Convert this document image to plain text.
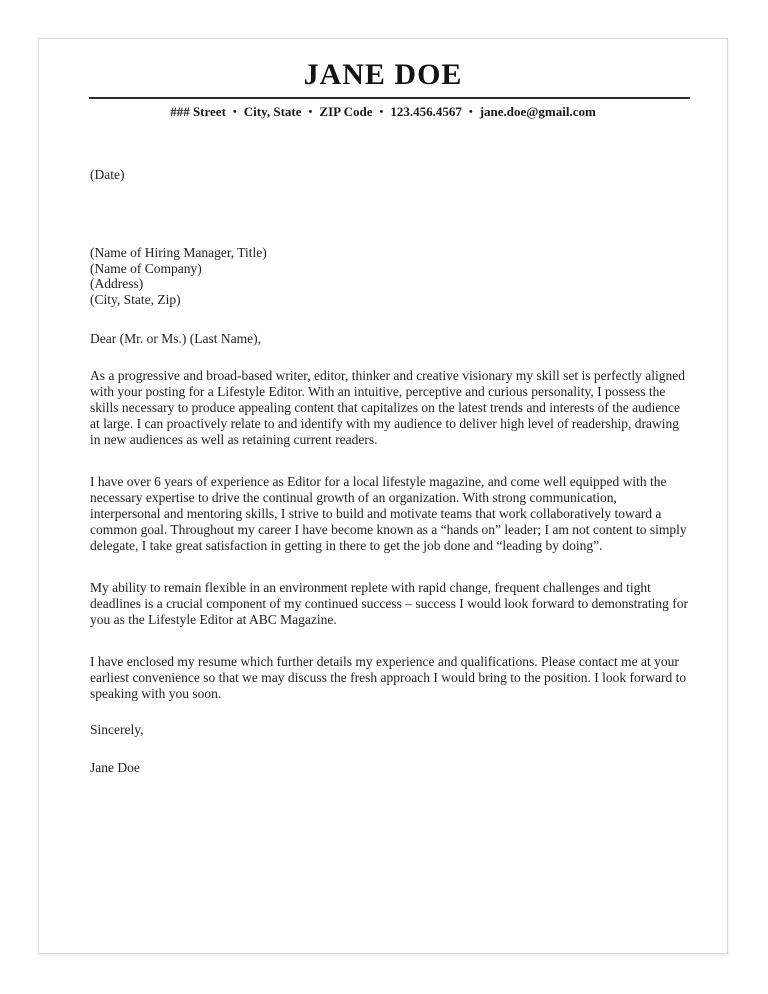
JANE DOE
### Street • City, State • ZIP Code • 123.456.4567 • jane.doe@gmail.com
(Date)
(Name of Hiring Manager, Title)
(Name of Company)
(Address)
(City, State, Zip)
Dear (Mr. or Ms.) (Last Name),

As a progressive and broad-based writer, editor, thinker and creative visionary my skill set is perfectly aligned with your posting for a Lifestyle Editor. With an intuitive, perceptive and curious personality, I possess the skills necessary to produce appealing content that capitalizes on the latest trends and interests of the audience at large. I can proactively relate to and identify with my audience to deliver high level of readership, drawing in new audiences as well as retaining current readers.

I have over 6 years of experience as Editor for a local lifestyle magazine, and come well equipped with the necessary expertise to drive the continual growth of an organization. With strong communication, interpersonal and mentoring skills, I strive to build and motivate teams that work collaboratively toward a common goal. Throughout my career I have become known as a “hands on” leader; I am not content to simply delegate, I take great satisfaction in getting in there to get the job done and “leading by doing”.

My ability to remain flexible in an environment replete with rapid change, frequent challenges and tight deadlines is a crucial component of my continued success – success I would look forward to demonstrating for you as the Lifestyle Editor at ABC Magazine.

I have enclosed my resume which further details my experience and qualifications. Please contact me at your earliest convenience so that we may discuss the fresh approach I would bring to the position. I look forward to speaking with you soon.

Sincerely,
Jane Doe
